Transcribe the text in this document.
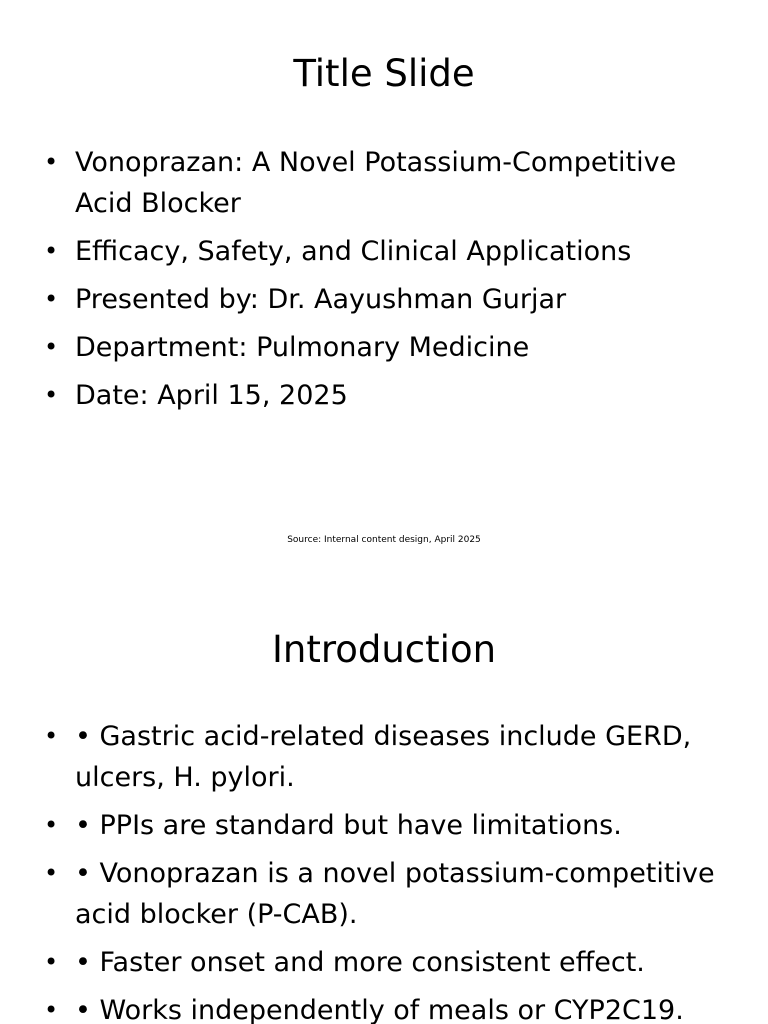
Title Slide
• Vonoprazan: A Novel Potassium-Competitive Acid Blocker
• Efficacy, Safety, and Clinical Applications
• Presented by: Dr. Aayushman Gurjar
• Department: Pulmonary Medicine
• Date: April 15, 2025
Source: Internal content design, April 2025
Introduction
• • Gastric acid-related diseases include GERD, ulcers, H. pylori.
• • PPIs are standard but have limitations.
• • Vonoprazan is a novel potassium-competitive acid blocker (P-CAB).
• • Faster onset and more consistent effect.
• • Works independently of meals or CYP2C19.
